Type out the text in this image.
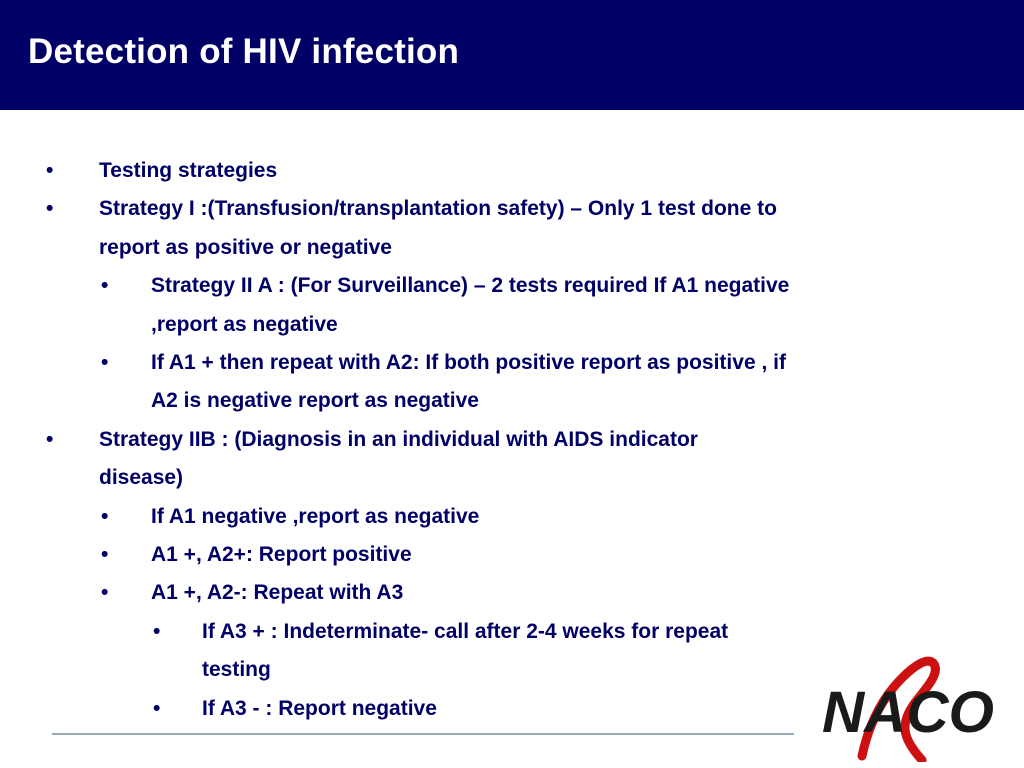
Detection of HIV infection
• Testing strategies
• Strategy I :(Transfusion/transplantation safety) – Only 1 test done to report as positive or negative
• Strategy II A : (For Surveillance) – 2 tests required If A1 negative ,report as negative
• If A1 + then repeat with A2: If both positive report as positive , if A2 is negative report as negative
• Strategy IIB : (Diagnosis in an individual with AIDS indicator disease)
• If A1 negative ,report as negative
• A1 +, A2+: Report positive
• A1 +, A2-: Repeat with A3
• If A3 + : Indeterminate- call after 2-4 weeks for repeat testing
• If A3 - : Report negative	NACO
